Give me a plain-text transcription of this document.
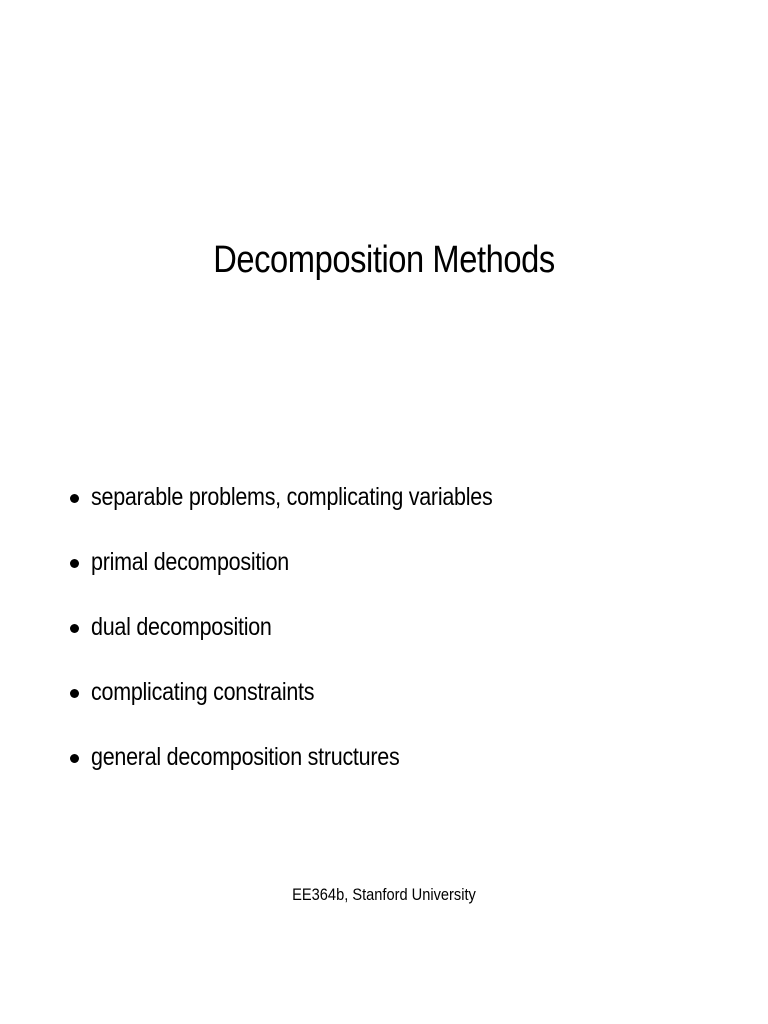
Decomposition Methods
separable problems, complicating variables
primal decomposition
dual decomposition
complicating constraints
general decomposition structures
EE364b, Stanford University
